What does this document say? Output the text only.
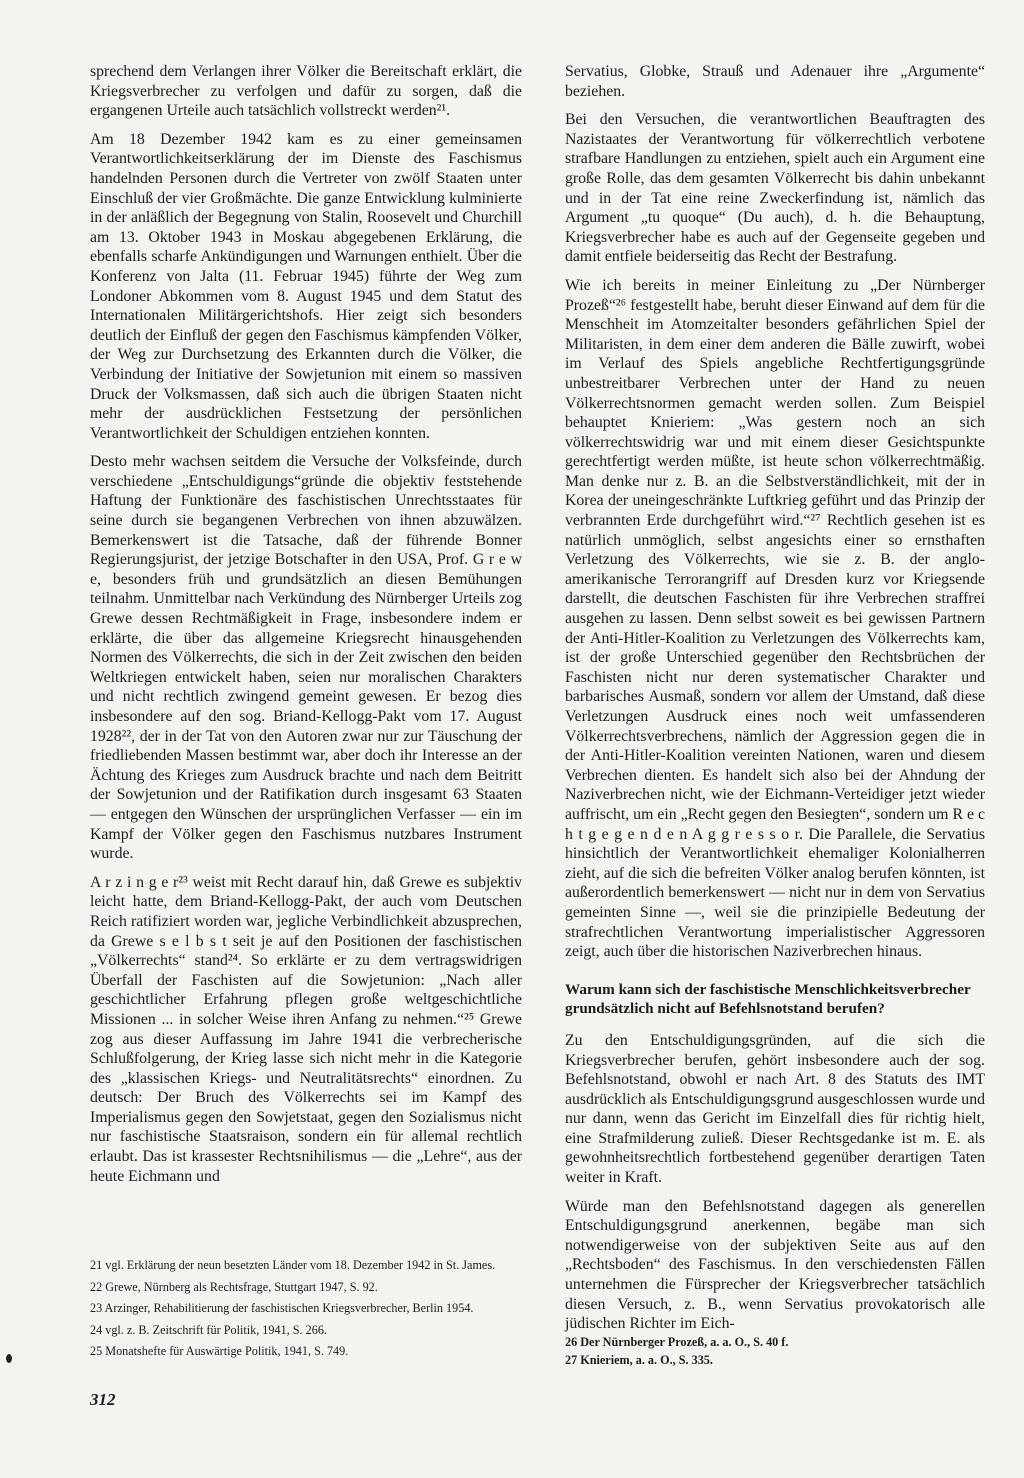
sprechend dem Verlangen ihrer Völker die Bereitschaft erklärt, die Kriegsverbrecher zu verfolgen und dafür zu sorgen, daß die ergangenen Urteile auch tatsächlich vollstreckt werden²¹.

Am 18 Dezember 1942 kam es zu einer gemeinsamen Verantwortlichkeitserklärung der im Dienste des Faschismus handelnden Personen durch die Vertreter von zwölf Staaten unter Einschluß der vier Großmächte. Die ganze Entwicklung kulminierte in der anläßlich der Begegnung von Stalin, Roosevelt und Churchill am 13. Oktober 1943 in Moskau abgegebenen Erklärung, die ebenfalls scharfe Ankündigungen und Warnungen enthielt. Über die Konferenz von Jalta (11. Februar 1945) führte der Weg zum Londoner Abkommen vom 8. August 1945 und dem Statut des Internationalen Militärgerichtshofs. Hier zeigt sich besonders deutlich der Einfluß der gegen den Faschismus kämpfenden Völker, der Weg zur Durchsetzung des Erkannten durch die Völker, die Verbindung der Initiative der Sowjetunion mit einem so massiven Druck der Volksmassen, daß sich auch die übrigen Staaten nicht mehr der ausdrücklichen Festsetzung der persönlichen Verantwortlichkeit der Schuldigen entziehen konnten.

Desto mehr wachsen seitdem die Versuche der Volksfeinde, durch verschiedene „Entschuldigungs“gründe die objektiv feststehende Haftung der Funktionäre des faschistischen Unrechtsstaates für seine durch sie begangenen Verbrechen von ihnen abzuwälzen. Bemerkenswert ist die Tatsache, daß der führende Bonner Regierungsjurist, der jetzige Botschafter in den USA, Prof. G r e w e, besonders früh und grundsätzlich an diesen Bemühungen teilnahm. Unmittelbar nach Verkündung des Nürnberger Urteils zog Grewe dessen Rechtmäßigkeit in Frage, insbesondere indem er erklärte, die über das allgemeine Kriegsrecht hinausgehenden Normen des Völkerrechts, die sich in der Zeit zwischen den beiden Weltkriegen entwickelt haben, seien nur moralischen Charakters und nicht rechtlich zwingend gemeint gewesen. Er bezog dies insbesondere auf den sog. Briand-Kellogg-Pakt vom 17. August 1928²², der in der Tat von den Autoren zwar nur zur Täuschung der friedliebenden Massen bestimmt war, aber doch ihr Interesse an der Ächtung des Krieges zum Ausdruck brachte und nach dem Beitritt der Sowjetunion und der Ratifikation durch insgesamt 63 Staaten — entgegen den Wünschen der ursprünglichen Verfasser — ein im Kampf der Völker gegen den Faschismus nutzbares Instrument wurde.

A r z i n g e r²³ weist mit Recht darauf hin, daß Grewe es subjektiv leicht hatte, dem Briand-Kellogg-Pakt, der auch vom Deutschen Reich ratifiziert worden war, jegliche Verbindlichkeit abzusprechen, da Grewe s e l b s t seit je auf den Positionen der faschistischen „Völkerrechts“ stand²⁴. So erklärte er zu dem vertragswidrigen Überfall der Faschisten auf die Sowjetunion: „Nach aller geschichtlicher Erfahrung pflegen große weltgeschichtliche Missionen ... in solcher Weise ihren Anfang zu nehmen.“²⁵ Grewe zog aus dieser Auffassung im Jahre 1941 die verbrecherische Schlußfolgerung, der Krieg lasse sich nicht mehr in die Kategorie des „klassischen Kriegs- und Neutralitätsrechts“ einordnen. Zu deutsch: Der Bruch des Völkerrechts sei im Kampf des Imperialismus gegen den Sowjetstaat, gegen den Sozialismus nicht nur faschistische Staatsraison, sondern ein für allemal rechtlich erlaubt. Das ist krassester Rechtsnihilismus — die „Lehre“, aus der heute Eichmann und

Servatius, Globke, Strauß und Adenauer ihre „Argumente“ beziehen.

Bei den Versuchen, die verantwortlichen Beauftragten des Nazistaates der Verantwortung für völkerrechtlich verbotene strafbare Handlungen zu entziehen, spielt auch ein Argument eine große Rolle, das dem gesamten Völkerrecht bis dahin unbekannt und in der Tat eine reine Zweckerfindung ist, nämlich das Argument „tu quoque“ (Du auch), d. h. die Behauptung, Kriegsverbrecher habe es auch auf der Gegenseite gegeben und damit entfiele beiderseitig das Recht der Bestrafung.

Wie ich bereits in meiner Einleitung zu „Der Nürnberger Prozeß“²⁶ festgestellt habe, beruht dieser Einwand auf dem für die Menschheit im Atomzeitalter besonders gefährlichen Spiel der Militaristen, in dem einer dem anderen die Bälle zuwirft, wobei im Verlauf des Spiels angebliche Rechtfertigungsgründe unbestreitbarer Verbrechen unter der Hand zu neuen Völkerrechtsnormen gemacht werden sollen. Zum Beispiel behauptet Knieriem: „Was gestern noch an sich völkerrechtswidrig war und mit einem dieser Gesichtspunkte gerechtfertigt werden müßte, ist heute schon völkerrechtmäßig. Man denke nur z. B. an die Selbstverständlichkeit, mit der in Korea der uneingeschränkte Luftkrieg geführt und das Prinzip der verbrannten Erde durchgeführt wird.“²⁷ Rechtlich gesehen ist es natürlich unmöglich, selbst angesichts einer so ernsthaften Verletzung des Völkerrechts, wie sie z. B. der anglo-amerikanische Terrorangriff auf Dresden kurz vor Kriegsende darstellt, die deutschen Faschisten für ihre Verbrechen straffrei ausgehen zu lassen. Denn selbst soweit es bei gewissen Partnern der Anti-Hitler-Koalition zu Verletzungen des Völkerrechts kam, ist der große Unterschied gegenüber den Rechtsbrüchen der Faschisten nicht nur deren systematischer Charakter und barbarisches Ausmaß, sondern vor allem der Umstand, daß diese Verletzungen Ausdruck eines noch weit umfassenderen Völkerrechtsverbrechens, nämlich der Aggression gegen die in der Anti-Hitler-Koalition vereinten Nationen, waren und diesem Verbrechen dienten. Es handelt sich also bei der Ahndung der Naziverbrechen nicht, wie der Eichmann-Verteidiger jetzt wieder auffrischt, um ein „Recht gegen den Besiegten“, sondern um R e c h t g e g e n d e n A g g r e s s o r. Die Parallele, die Servatius hinsichtlich der Verantwortlichkeit ehemaliger Kolonialherren zieht, auf die sich die befreiten Völker analog berufen könnten, ist außerordentlich bemerkenswert — nicht nur in dem von Servatius gemeinten Sinne —, weil sie die prinzipielle Bedeutung der strafrechtlichen Verantwortung imperialistischer Aggressoren zeigt, auch über die historischen Naziverbrechen hinaus.

Warum kann sich der faschistische Menschlichkeitsverbrecher grundsätzlich nicht auf Befehlsnotstand berufen?

Zu den Entschuldigungsgründen, auf die sich die Kriegsverbrecher berufen, gehört insbesondere auch der sog. Befehlsnotstand, obwohl er nach Art. 8 des Statuts des IMT ausdrücklich als Entschuldigungsgrund ausgeschlossen wurde und nur dann, wenn das Gericht im Einzelfall dies für richtig hielt, eine Strafmilderung zuließ. Dieser Rechtsgedanke ist m. E. als gewohnheitsrechtlich fortbestehend gegenüber derartigen Taten weiter in Kraft.

Würde man den Befehlsnotstand dagegen als generellen Entschuldigungsgrund anerkennen, begäbe man sich notwendigerweise von der subjektiven Seite aus auf den „Rechtsboden“ des Faschismus. In den verschiedensten Fällen unternehmen die Fürsprecher der Kriegsverbrecher tatsächlich diesen Versuch, z. B., wenn Servatius provokatorisch alle jüdischen Richter im Eich-

21 vgl. Erklärung der neun besetzten Länder vom 18. Dezember 1942 in St. James.
22 Grewe, Nürnberg als Rechtsfrage, Stuttgart 1947, S. 92.
23 Arzinger, Rehabilitierung der faschistischen Kriegsverbrecher, Berlin 1954.
24 vgl. z. B. Zeitschrift für Politik, 1941, S. 266.
25 Monatshefte für Auswärtige Politik, 1941, S. 749.
26 Der Nürnberger Prozeß, a. a. O., S. 40 f.
27 Knieriem, a. a. O., S. 335.
312
